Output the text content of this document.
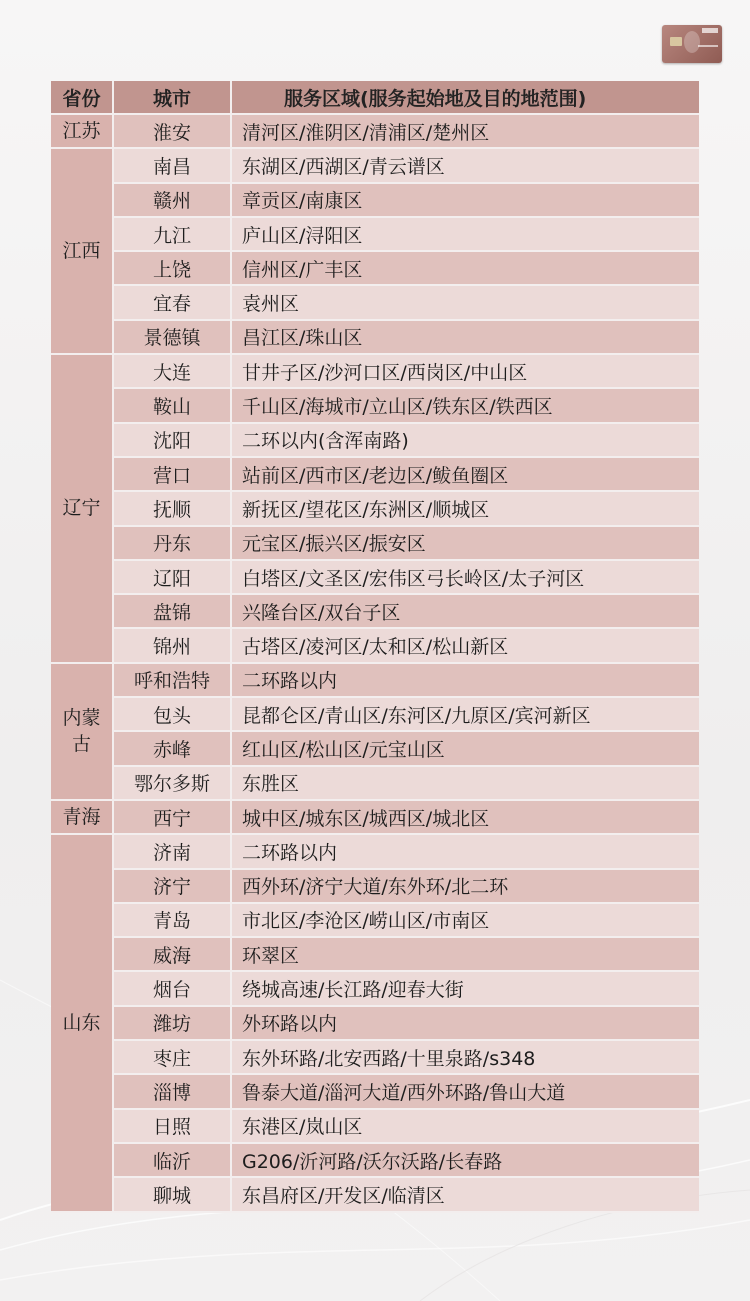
省份	城市	服务区域(服务起始地及目的地范围)
江苏	淮安	清河区/淮阴区/清浦区/楚州区
江西	南昌	东湖区/西湖区/青云谱区
	赣州	章贡区/南康区
	九江	庐山区/浔阳区
	上饶	信州区/广丰区
	宜春	袁州区
	景德镇	昌江区/珠山区
辽宁	大连	甘井子区/沙河口区/西岗区/中山区
	鞍山	千山区/海城市/立山区/铁东区/铁西区
	沈阳	二环以内(含浑南路)
	营口	站前区/西市区/老边区/鲅鱼圈区
	抚顺	新抚区/望花区/东洲区/顺城区
	丹东	元宝区/振兴区/振安区
	辽阳	白塔区/文圣区/宏伟区弓长岭区/太子河区
	盘锦	兴隆台区/双台子区
	锦州	古塔区/凌河区/太和区/松山新区
内蒙古	呼和浩特	二环路以内
	包头	昆都仑区/青山区/东河区/九原区/宾河新区
	赤峰	红山区/松山区/元宝山区
	鄂尔多斯	东胜区
青海	西宁	城中区/城东区/城西区/城北区
山东	济南	二环路以内
	济宁	西外环/济宁大道/东外环/北二环
	青岛	市北区/李沧区/崂山区/市南区
	威海	环翠区
	烟台	绕城高速/长江路/迎春大街
	潍坊	外环路以内
	枣庄	东外环路/北安西路/十里泉路/s348
	淄博	鲁泰大道/淄河大道/西外环路/鲁山大道
	日照	东港区/岚山区
	临沂	G206/沂河路/沃尔沃路/长春路
	聊城	东昌府区/开发区/临清区
